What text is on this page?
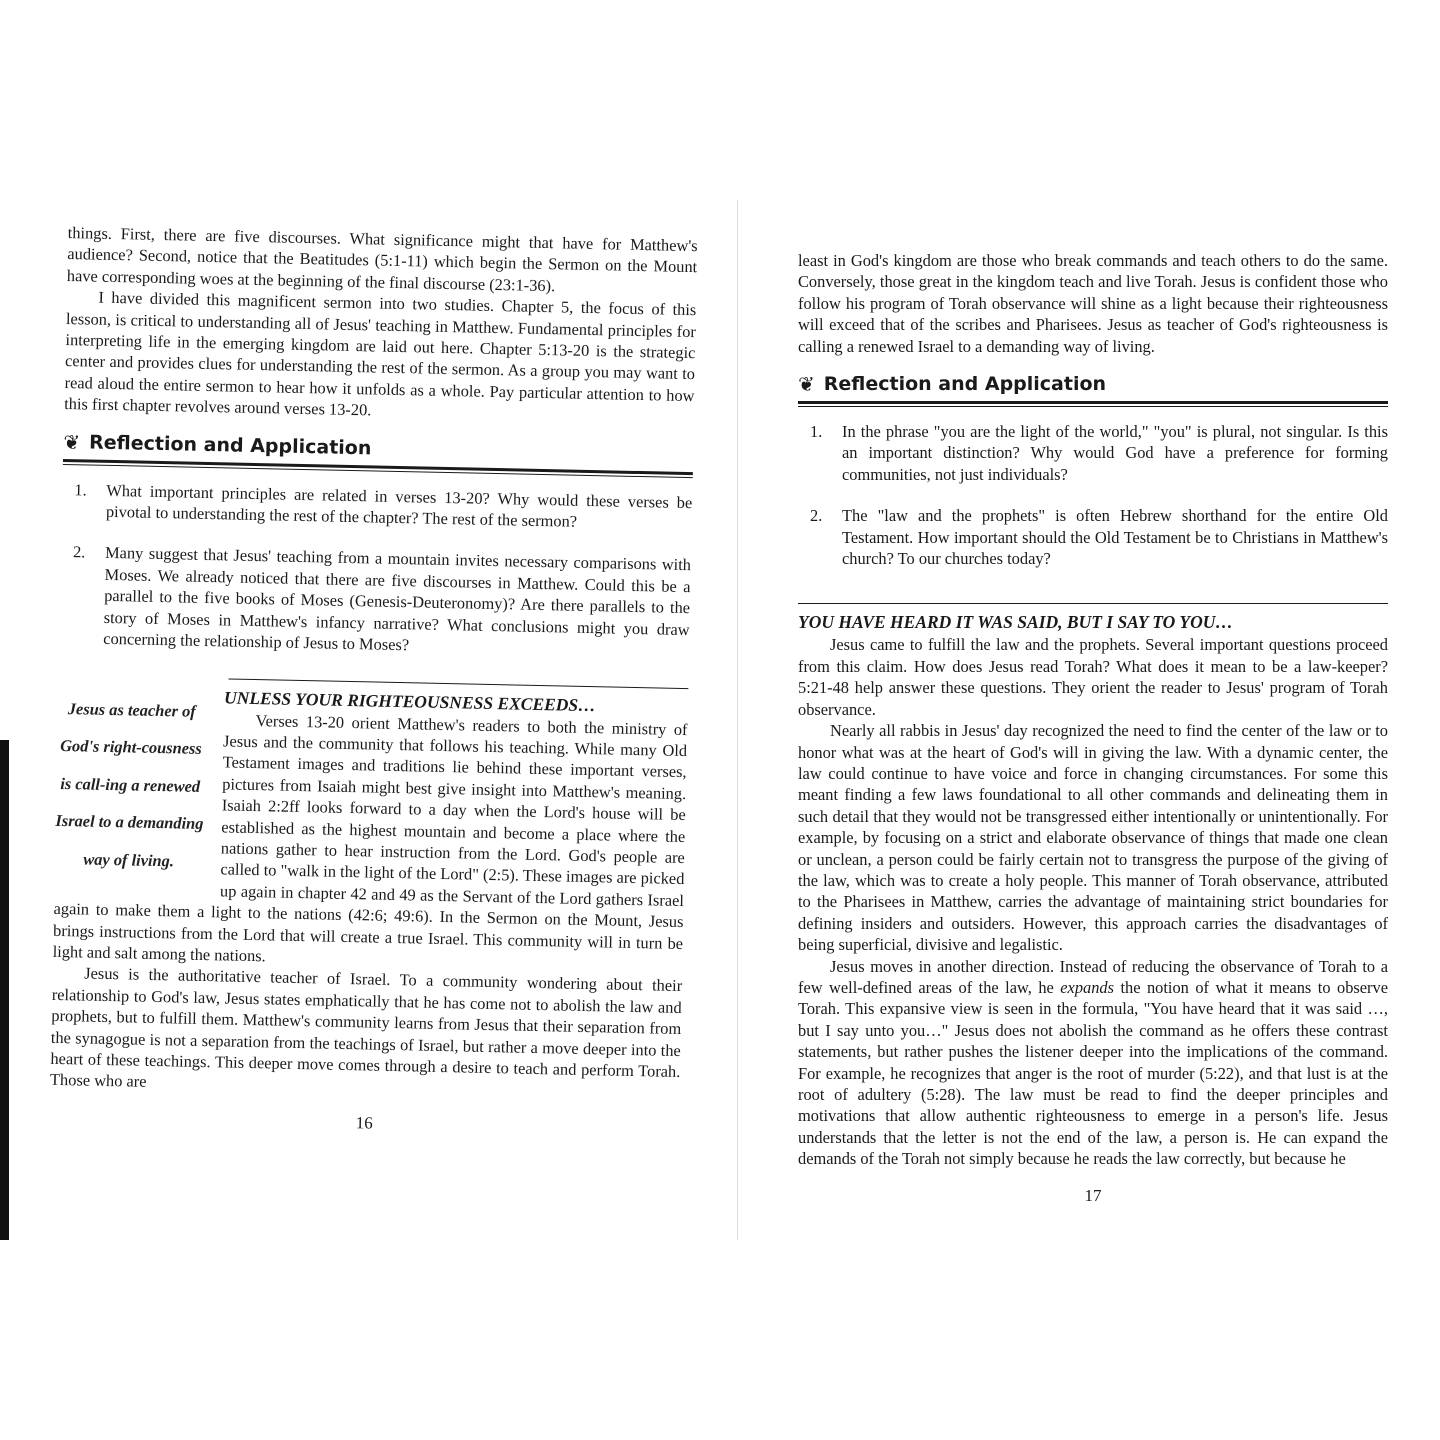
things. First, there are five discourses. What significance might that have for Matthew's audience? Second, notice that the Beatitudes (5:1-11) which begin the Sermon on the Mount have corresponding woes at the beginning of the final discourse (23:1-36).

I have divided this magnificent sermon into two studies. Chapter 5, the focus of this lesson, is critical to understanding all of Jesus' teaching in Matthew. Fundamental principles for interpreting life in the emerging kingdom are laid out here. Chapter 5:13-20 is the strategic center and provides clues for understanding the rest of the sermon. As a group you may want to read aloud the entire sermon to hear how it unfolds as a whole. Pay particular attention to how this first chapter revolves around verses 13-20.

❦ Reflection and Application
1.	What important principles are related in verses 13-20? Why would these verses be pivotal to understanding the rest of the chapter? The rest of the sermon?
2.	Many suggest that Jesus' teaching from a mountain invites necessary comparisons with Moses. We already noticed that there are five discourses in Matthew. Could this be a parallel to the five books of Moses (Genesis-Deuteronomy)? Are there parallels to the story of Moses in Matthew's infancy narrative? What conclusions might you draw concerning the relationship of Jesus to Moses?
Jesus as teacher of God's right-cousness is call-ing a renewed Israel to a demanding way of living.
UNLESS YOUR RIGHTEOUSNESS EXCEEDS…

Verses 13-20 orient Matthew's readers to both the ministry of Jesus and the community that follows his teaching. While many Old Testament images and traditions lie behind these important verses, pictures from Isaiah might best give insight into Matthew's meaning. Isaiah 2:2ff looks forward to a day when the Lord's house will be established as the highest mountain and become a place where the nations gather to hear instruction from the Lord. God's people are called to "walk in the light of the Lord" (2:5). These images are picked up again in chapter 42 and 49 as the Servant of the Lord gathers Israel again to make them a light to the nations (42:6; 49:6). In the Sermon on the Mount, Jesus brings instructions from the Lord that will create a true Israel. This community will in turn be light and salt among the nations.

Jesus is the authoritative teacher of Israel. To a community wondering about their relationship to God's law, Jesus states emphatically that he has come not to abolish the law and prophets, but to fulfill them. Matthew's community learns from Jesus that their separation from the synagogue is not a separation from the teachings of Israel, but rather a move deeper into the heart of these teachings. This deeper move comes through a desire to teach and perform Torah. Those who are

16

least in God's kingdom are those who break commands and teach others to do the same. Conversely, those great in the kingdom teach and live Torah. Jesus is confident those who follow his program of Torah observance will shine as a light because their righteousness will exceed that of the scribes and Pharisees. Jesus as teacher of God's righteousness is calling a renewed Israel to a demanding way of living.

❦ Reflection and Application
1.	In the phrase "you are the light of the world," "you" is plural, not singular. Is this an important distinction? Why would God have a preference for forming communities, not just individuals?
2.	The "law and the prophets" is often Hebrew shorthand for the entire Old Testament. How important should the Old Testament be to Christians in Matthew's church? To our churches today?
YOU HAVE HEARD IT WAS SAID, BUT I SAY TO YOU…

Jesus came to fulfill the law and the prophets. Several important questions proceed from this claim. How does Jesus read Torah? What does it mean to be a law-keeper? 5:21-48 help answer these questions. They orient the reader to Jesus' program of Torah observance.

Nearly all rabbis in Jesus' day recognized the need to find the center of the law or to honor what was at the heart of God's will in giving the law. With a dynamic center, the law could continue to have voice and force in changing circumstances. For some this meant finding a few laws foundational to all other commands and delineating them in such detail that they would not be transgressed either intentionally or unintentionally. For example, by focusing on a strict and elaborate observance of things that made one clean or unclean, a person could be fairly certain not to transgress the purpose of the giving of the law, which was to create a holy people. This manner of Torah observance, attributed to the Pharisees in Matthew, carries the advantage of maintaining strict boundaries for defining insiders and outsiders. However, this approach carries the disadvantages of being superficial, divisive and legalistic.

Jesus moves in another direction. Instead of reducing the observance of Torah to a few well-defined areas of the law, he expands the notion of what it means to observe Torah. This expansive view is seen in the formula, "You have heard that it was said …, but I say unto you…" Jesus does not abolish the command as he offers these contrast statements, but rather pushes the listener deeper into the implications of the command. For example, he recognizes that anger is the root of murder (5:22), and that lust is at the root of adultery (5:28). The law must be read to find the deeper principles and motivations that allow authentic righteousness to emerge in a person's life. Jesus understands that the letter is not the end of the law, a person is. He can expand the demands of the Torah not simply because he reads the law correctly, but because he

17
